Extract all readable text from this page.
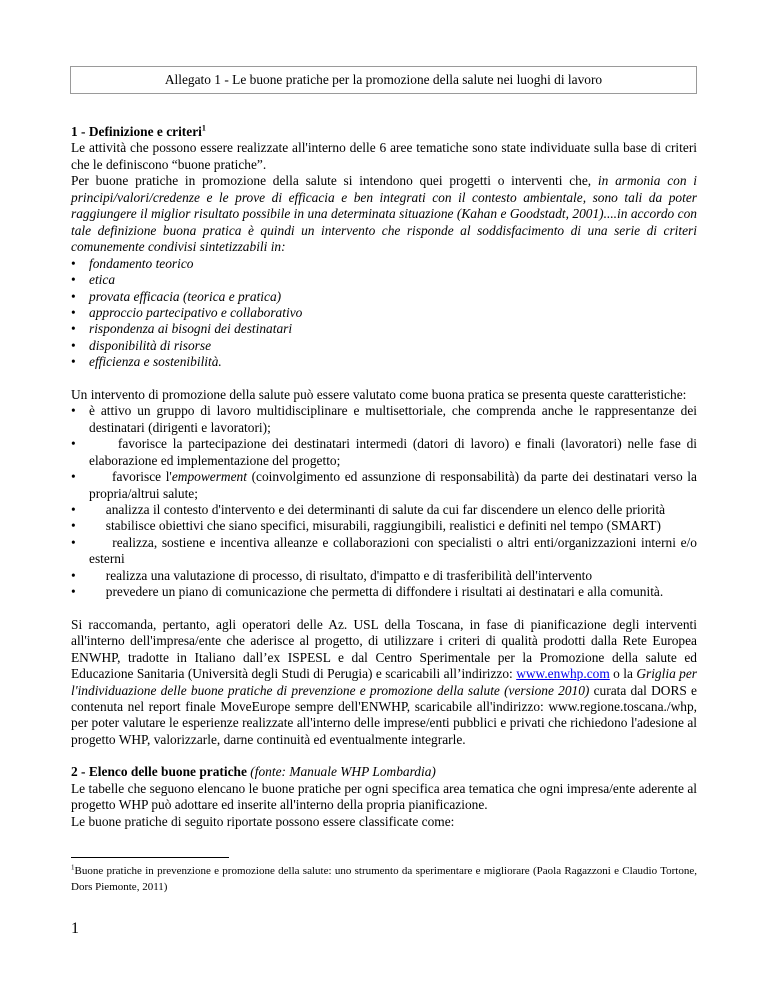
Allegato 1 - Le buone pratiche per la promozione della salute nei luoghi di lavoro

1 - Definizione e criteri$^1$

Le attività che possono essere realizzate all'interno delle 6 aree tematiche sono state individuate sulla base di criteri che le definiscono “buone pratiche”.

Per buone pratiche in promozione della salute si intendono quei progetti o interventi che, in armonia con i principi/valori/credenze e le prove di efficacia e ben integrati con il contesto ambientale, sono tali da poter raggiungere il miglior risultato possibile in una determinata situazione (Kahan e Goodstadt, 2001)....in accordo con tale definizione buona pratica è quindi un intervento che risponde al soddisfacimento di una serie di criteri comunemente condivisi sintetizzabili in:

• fondamento teorico
• etica
• provata efficacia (teorica e pratica)
• approccio partecipativo e collaborativo
• rispondenza ai bisogni dei destinatari
• disponibilità di risorse
• efficienza e sostenibilità.

Un intervento di promozione della salute può essere valutato come buona pratica se presenta queste caratteristiche:

• è attivo un gruppo di lavoro multidisciplinare e multisettoriale, che comprenda anche le rappresentanze dei destinatari (dirigenti e lavoratori);
• favorisce la partecipazione dei destinatari intermedi (datori di lavoro) e finali (lavoratori) nelle fase di elaborazione ed implementazione del progetto;
• favorisce l'empowerment (coinvolgimento ed assunzione di responsabilità) da parte dei destinatari verso la propria/altrui salute;
• analizza il contesto d'intervento e dei determinanti di salute da cui far discendere un elenco delle priorità
• stabilisce obiettivi che siano specifici, misurabili, raggiungibili, realistici e definiti nel tempo (SMART)
• realizza, sostiene e incentiva alleanze e collaborazioni con specialisti o altri enti/organizzazioni interni e/o esterni
• realizza una valutazione di processo, di risultato, d'impatto e di trasferibilità dell'intervento
• prevedere un piano di comunicazione che permetta di diffondere i risultati ai destinatari e alla comunità.

Si raccomanda, pertanto, agli operatori delle Az. USL della Toscana, in fase di pianificazione degli interventi all'interno dell'impresa/ente che aderisce al progetto, di utilizzare i criteri di qualità prodotti dalla Rete Europea ENWHP, tradotte in Italiano dall’ex ISPESL e dal Centro Sperimentale per la Promozione della salute ed Educazione Sanitaria (Università degli Studi di Perugia) e scaricabili all’indirizzo: www.enwhp.com o la Griglia per l'individuazione delle buone pratiche di prevenzione e promozione della salute (versione 2010) curata dal DORS e contenuta nel report finale MoveEurope sempre dell'ENWHP, scaricabile all'indirizzo: www.regione.toscana./whp, per poter valutare le esperienze realizzate all'interno delle imprese/enti pubblici e privati che richiedono l'adesione al progetto WHP, valorizzarle, darne continuità ed eventualmente integrarle.

2 - Elenco delle buone pratiche (fonte: Manuale WHP Lombardia)

Le tabelle che seguono elencano le buone pratiche per ogni specifica area tematica che ogni impresa/ente aderente al progetto WHP può adottare ed inserite all'interno della propria pianificazione.

Le buone pratiche di seguito riportate possono essere classificate come:

$^1$Buone pratiche in prevenzione e promozione della salute: uno strumento da sperimentare e migliorare (Paola Ragazzoni e Claudio Tortone, Dors Piemonte, 2011)
1
